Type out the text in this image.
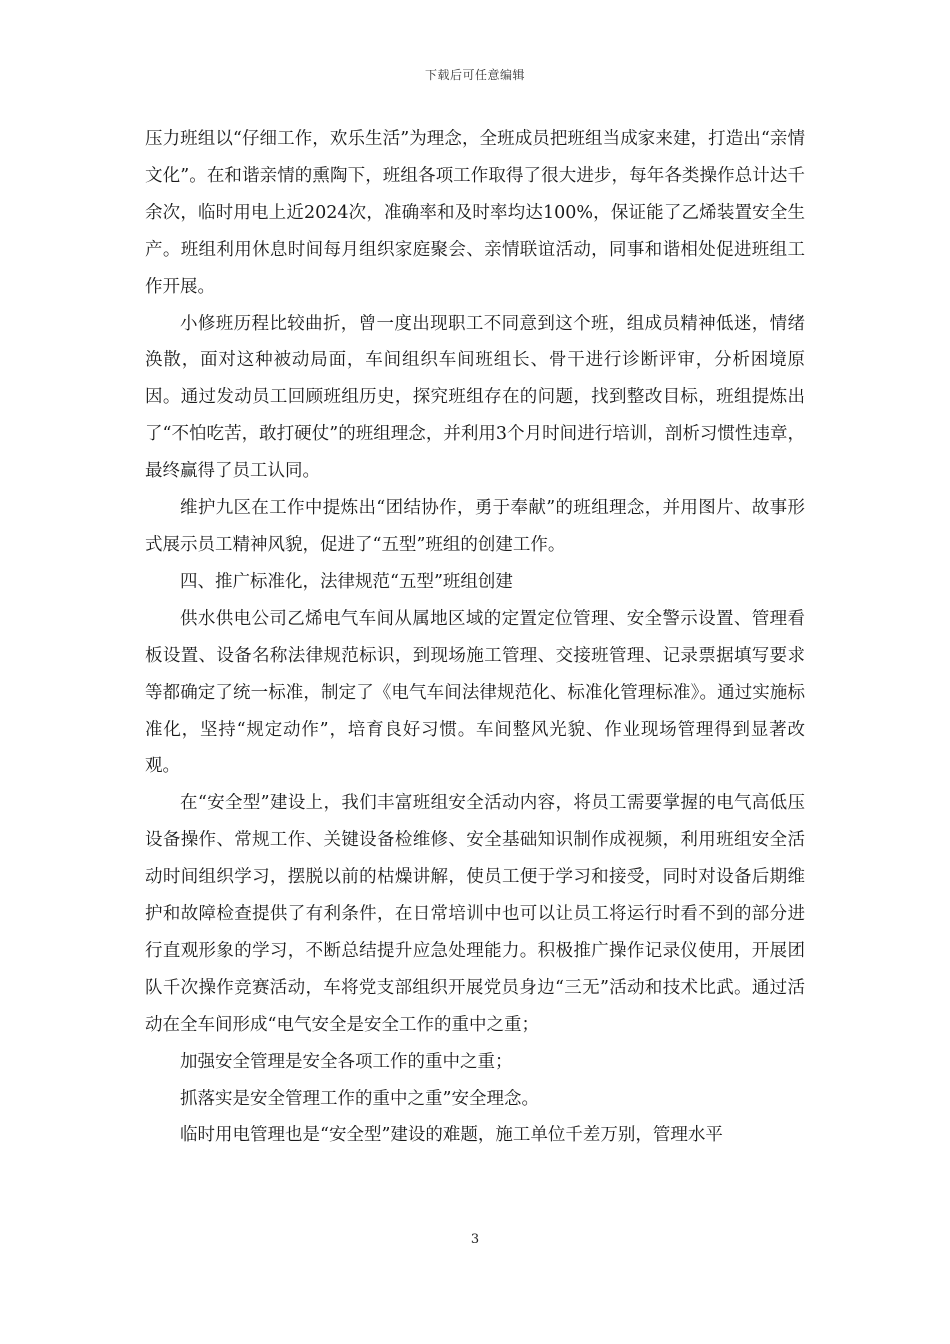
下载后可任意编辑

压力班组以“仔细工作，欢乐生活”为理念，全班成员把班组当成家来建，打造出“亲情文化”。在和谐亲情的熏陶下，班组各项工作取得了很大进步，每年各类操作总计达千余次，临时用电上近2024次，准确率和及时率均达100%，保证能了乙烯装置安全生产。班组利用休息时间每月组织家庭聚会、亲情联谊活动，同事和谐相处促进班组工作开展。

小修班历程比较曲折，曾一度出现职工不同意到这个班，组成员精神低迷，情绪涣散，面对这种被动局面，车间组织车间班组长、骨干进行诊断评审，分析困境原因。通过发动员工回顾班组历史，探究班组存在的问题，找到整改目标，班组提炼出了“不怕吃苦，敢打硬仗”的班组理念，并利用3个月时间进行培训，剖析习惯性违章，最终赢得了员工认同。

维护九区在工作中提炼出“团结协作，勇于奉献”的班组理念，并用图片、故事形式展示员工精神风貌，促进了“五型”班组的创建工作。

四、推广标准化，法律规范“五型”班组创建

供水供电公司乙烯电气车间从属地区域的定置定位管理、安全警示设置、管理看板设置、设备名称法律规范标识，到现场施工管理、交接班管理、记录票据填写要求等都确定了统一标准，制定了《电气车间法律规范化、标准化管理标准》。通过实施标准化，坚持“规定动作”，培育良好习惯。车间整风光貌、作业现场管理得到显著改观。

在“安全型”建设上，我们丰富班组安全活动内容，将员工需要掌握的电气高低压设备操作、常规工作、关键设备检维修、安全基础知识制作成视频，利用班组安全活动时间组织学习，摆脱以前的枯燥讲解，使员工便于学习和接受，同时对设备后期维护和故障检查提供了有利条件，在日常培训中也可以让员工将运行时看不到的部分进行直观形象的学习，不断总结提升应急处理能力。积极推广操作记录仪使用，开展团队千次操作竞赛活动，车将党支部组织开展党员身边“三无”活动和技术比武。通过活动在全车间形成“电气安全是安全工作的重中之重；

加强安全管理是安全各项工作的重中之重；

抓落实是安全管理工作的重中之重”安全理念。

临时用电管理也是“安全型”建设的难题，施工单位千差万别，管理水平

3
